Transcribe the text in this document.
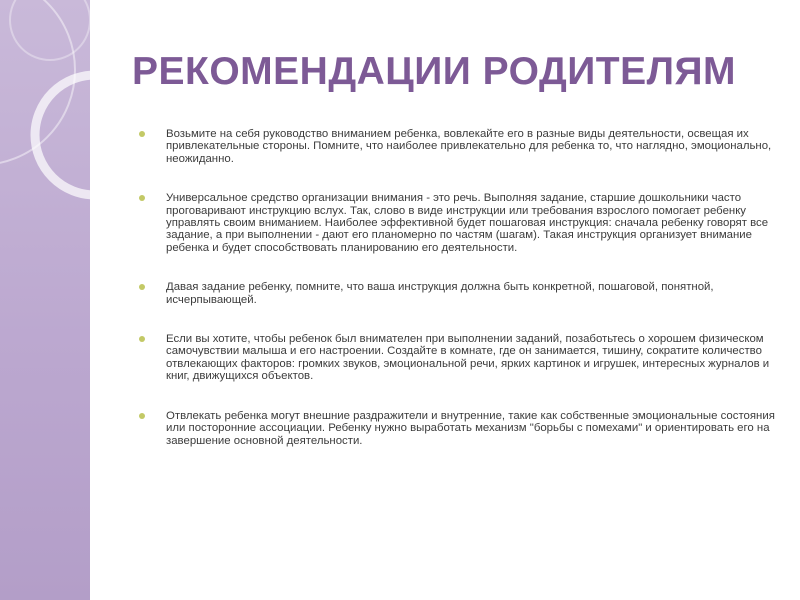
РЕКОМЕНДАЦИИ РОДИТЕЛЯМ
Возьмите на себя руководство вниманием ребенка, вовлекайте его в разные виды деятельности, освещая их привлекательные стороны. Помните, что наиболее привлекательно для ребенка то, что наглядно, эмоционально, неожиданно.
Универсальное средство организации внимания - это речь. Выполняя задание, старшие дошкольники часто проговаривают инструкцию вслух. Так, слово в виде инструкции или требования взрослого помогает ребенку управлять своим вниманием. Наиболее эффективной будет пошаговая инструкция: сначала ребенку говорят все задание, а при выполнении - дают его планомерно по частям (шагам). Такая инструкция организует внимание ребенка и будет способствовать планированию его деятельности.
Давая задание ребенку, помните, что ваша инструкция должна быть конкретной, пошаговой, понятной, исчерпывающей.
Если вы хотите, чтобы ребенок был внимателен при выполнении заданий, позаботьтесь о хорошем физическом самочувствии малыша и его настроении. Создайте в комнате, где он занимается, тишину, сократите количество отвлекающих факторов: громких звуков, эмоциональной речи, ярких картинок и игрушек, интересных журналов и книг, движущихся объектов.
Отвлекать ребенка могут внешние раздражители и внутренние, такие как собственные эмоциональные состояния или посторонние ассоциации. Ребенку нужно выработать механизм "борьбы с помехами" и ориентировать его на завершение основной деятельности.
